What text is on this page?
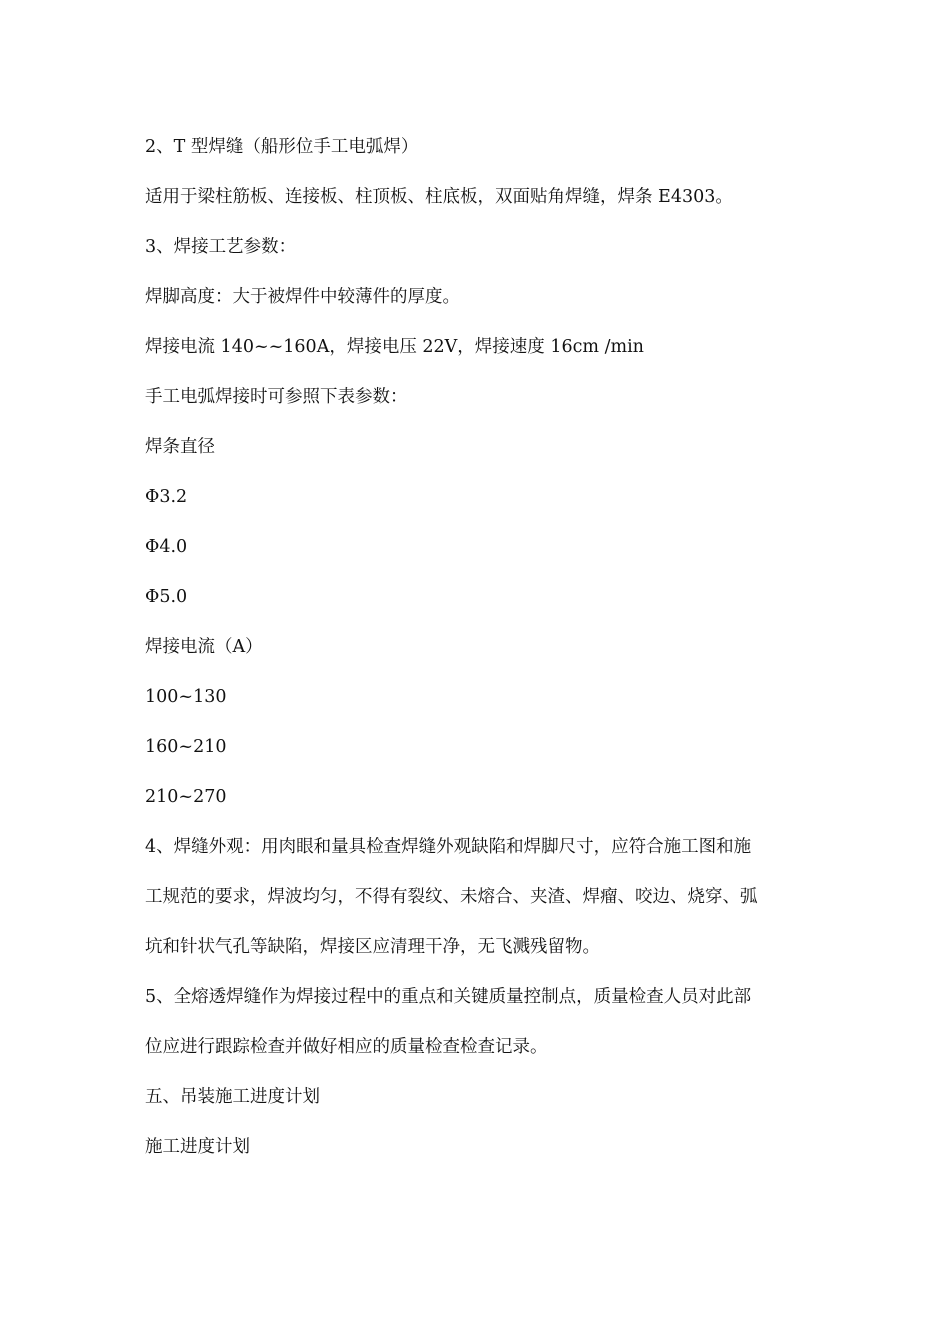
2、T 型焊缝（船形位手工电弧焊）

适用于梁柱筋板、连接板、柱顶板、柱底板，双面贴角焊缝，焊条 E4303。

3、焊接工艺参数：

焊脚高度：大于被焊件中较薄件的厚度。

焊接电流 140~~160A，焊接电压 22V，焊接速度 16cm /min

手工电弧焊接时可参照下表参数：

焊条直径

Φ3.2

Φ4.0

Φ5.0

焊接电流（A）

100~130

160~210

210~270

4、焊缝外观：用肉眼和量具检查焊缝外观缺陷和焊脚尺寸，应符合施工图和施

工规范的要求，焊波均匀，不得有裂纹、未熔合、夹渣、焊瘤、咬边、烧穿、弧

坑和针状气孔等缺陷，焊接区应清理干净，无飞溅残留物。

5、全熔透焊缝作为焊接过程中的重点和关键质量控制点，质量检查人员对此部

位应进行跟踪检查并做好相应的质量检查检查记录。

五、吊装施工进度计划

施工进度计划
